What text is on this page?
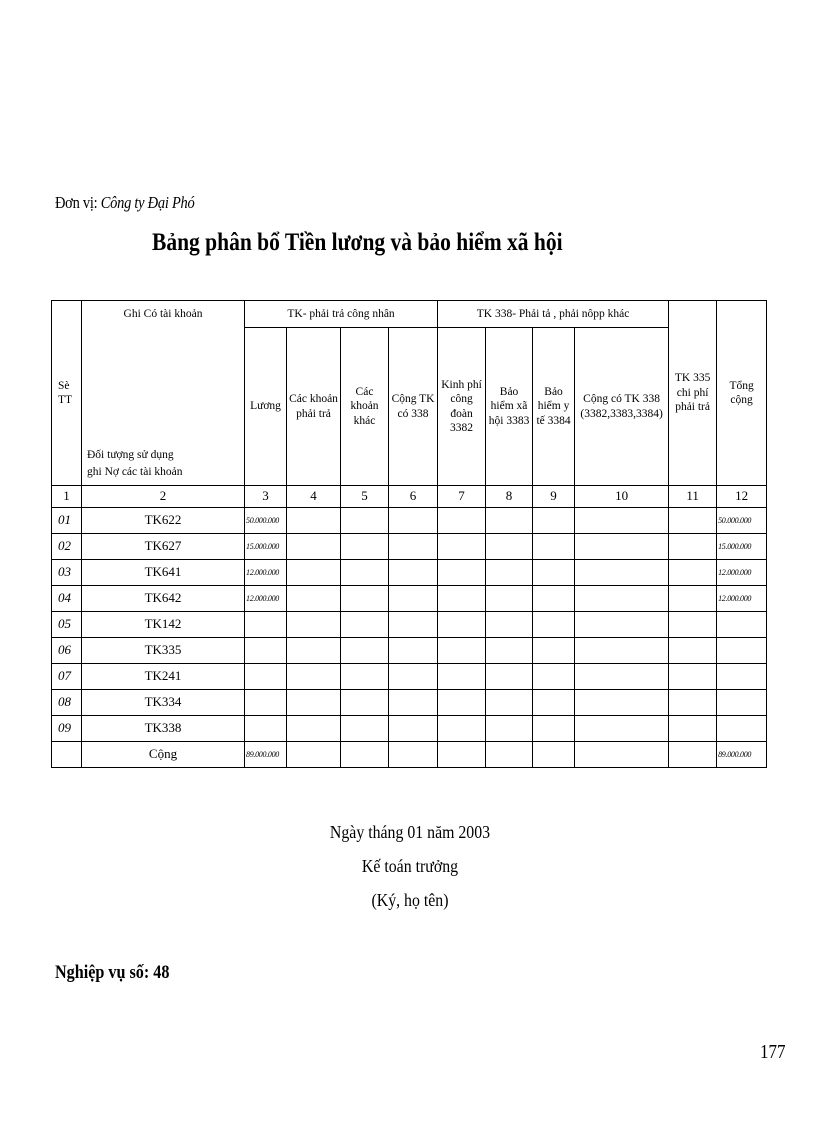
Đơn vị: Công ty Đại Phó
Bảng phân bổ Tiền lương và bảo hiểm xã hội
Sè TT	Ghi Có tài khoản
Đối tượng sử dụng
ghi Nợ các tài khoản	TK- phải trả công nhân				TK 338- Phải tả , phải nôpp khác				TK 335 chi phí phải trả	Tổng cộng
		Lương	Các khoản phải trả	Các khoản khác	Cộng TK có 338	Kinh phí công đoàn 3382	Bảo hiểm xã hội 3383	Bảo hiểm y tế 3384	Cộng có TK 338 (3382,3383,3384)		
1	2	3	4	5	6	7	8	9	10	11	12
01	TK622	50.000.000									50.000.000
02	TK627	15.000.000									15.000.000
03	TK641	12.000.000									12.000.000
04	TK642	12.000.000									12.000.000
05	TK142										
06	TK335										
07	TK241										
08	TK334										
09	TK338										
	Cộng	89.000.000									89.000.000
Ngày tháng 01 năm 2003
Kế toán trưởng
(Ký, họ tên)
Nghiệp vụ số: 48
177
